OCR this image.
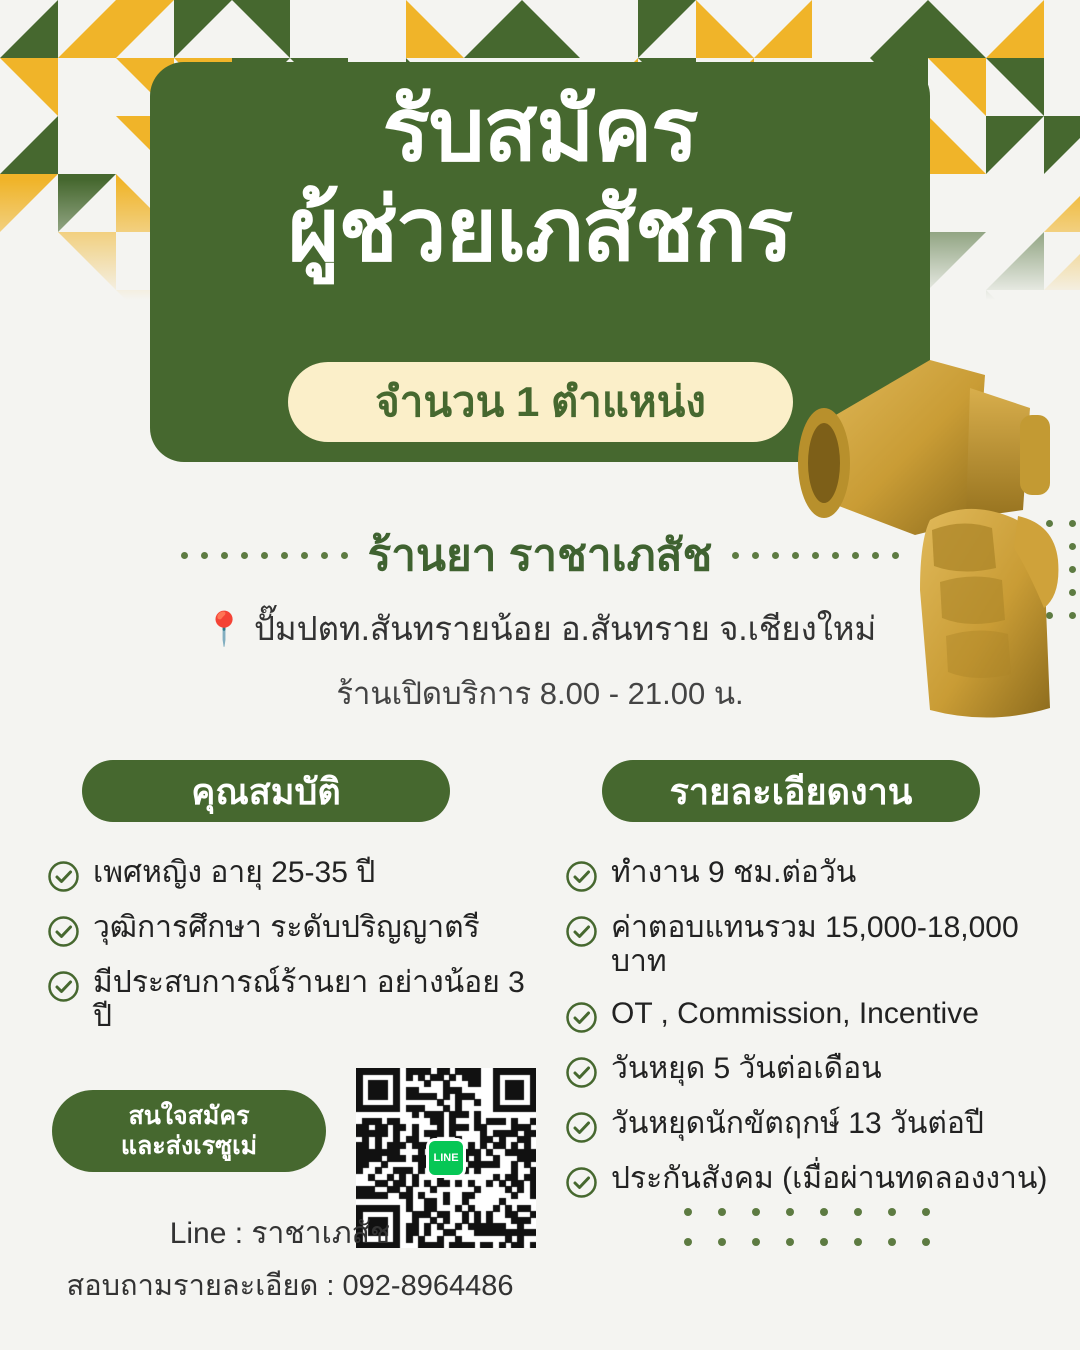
รับสมัคร
ผู้ช่วยเภสัชกร
จำนวน 1 ตำแหน่ง
ร้านยา ราชาเภสัช
📍 ปั๊มปตท.สันทรายน้อย อ.สันทราย จ.เชียงใหม่
ร้านเปิดบริการ 8.00 - 21.00 น.
คุณสมบัติ	รายละเอียดงาน
เพศหญิง อายุ 25-35 ปี
วุฒิการศึกษา ระดับปริญญาตรี
มีประสบการณ์ร้านยา อย่างน้อย 3 ปี
ทำงาน 9 ชม.ต่อวัน
ค่าตอบแทนรวม 15,000-18,000 บาท
OT , Commission, Incentive
วันหยุด 5 วันต่อเดือน
วันหยุดนักขัตฤกษ์ 13 วันต่อปี
ประกันสังคม (เมื่อผ่านทดลองงาน)
สนใจสมัคร
และส่งเรซูเม่	LINE
Line : ราชาเภสัช
สอบถามรายละเอียด : 092-8964486
